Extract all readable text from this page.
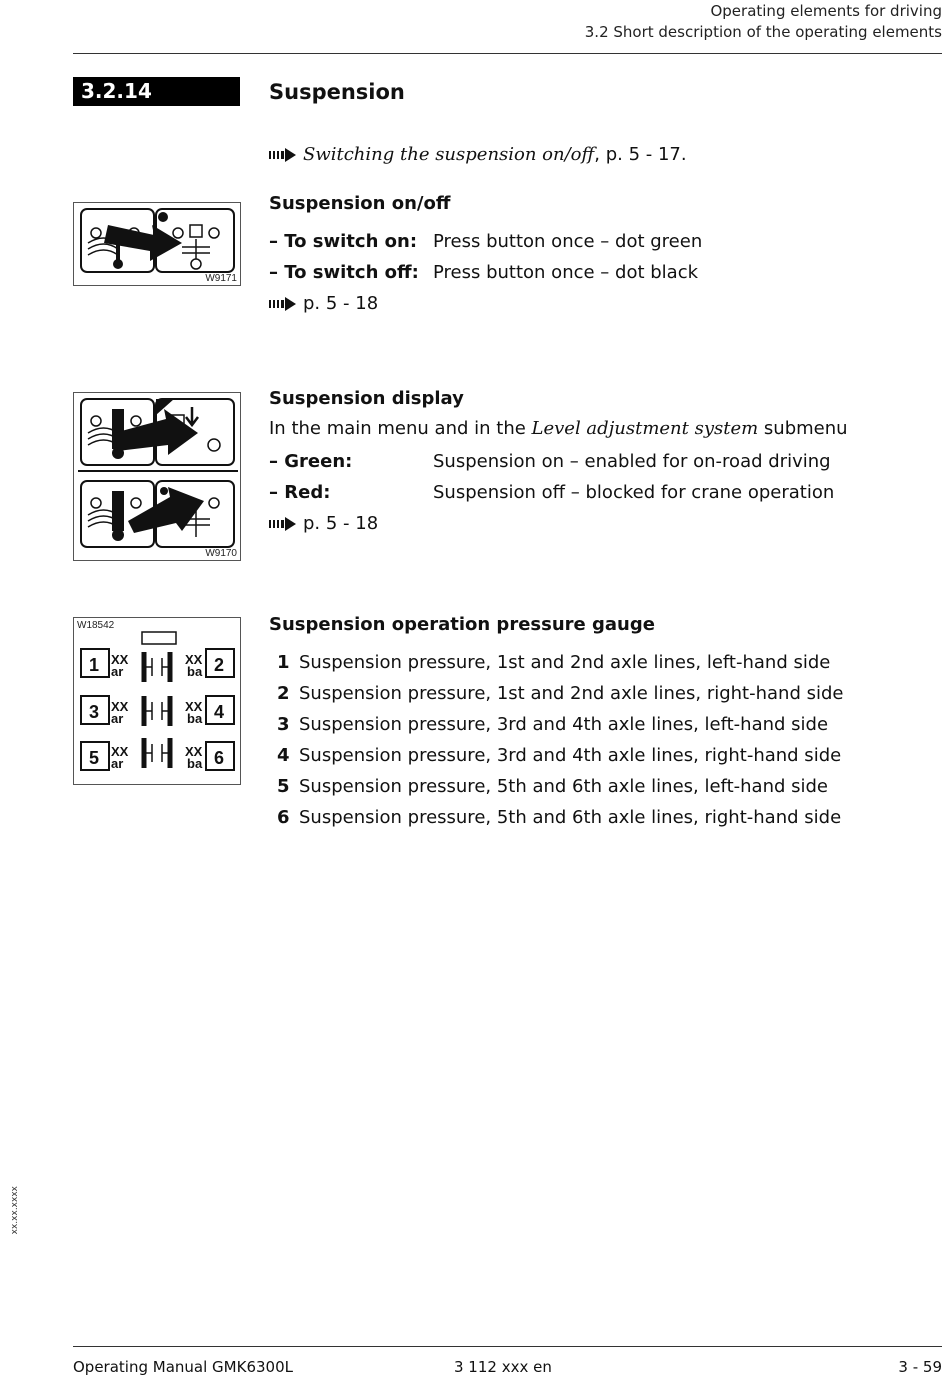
Operating elements for driving
3.2 Short description of the operating elements
3.2.14	Suspension
Switching the suspension on/off, p. 5 - 17.
W9171
Suspension on/off
– To switch on: Press button once – dot green
– To switch off: Press button once – dot black
p. 5 - 18
W9170
Suspension display
In the main menu and in the Level adjustment system submenu
– Green:	Suspension on – enabled for on-road driving
– Red:	Suspension off – blocked for crane operation
p. 5 - 18
W18542
1	2
3	4
5	6
XX
ar
XX
ba
XX
ar
XX
ba
XX
ar
XX
ba
Suspension operation pressure gauge
1 Suspension pressure, 1st and 2nd axle lines, left-hand side
2 Suspension pressure, 1st and 2nd axle lines, right-hand side
3 Suspension pressure, 3rd and 4th axle lines, left-hand side
4 Suspension pressure, 3rd and 4th axle lines, right-hand side
5 Suspension pressure, 5th and 6th axle lines, left-hand side
6 Suspension pressure, 5th and 6th axle lines, right-hand side
xx.xx.xxxx
Operating Manual GMK6300L	3 112 xxx en	3 - 59
